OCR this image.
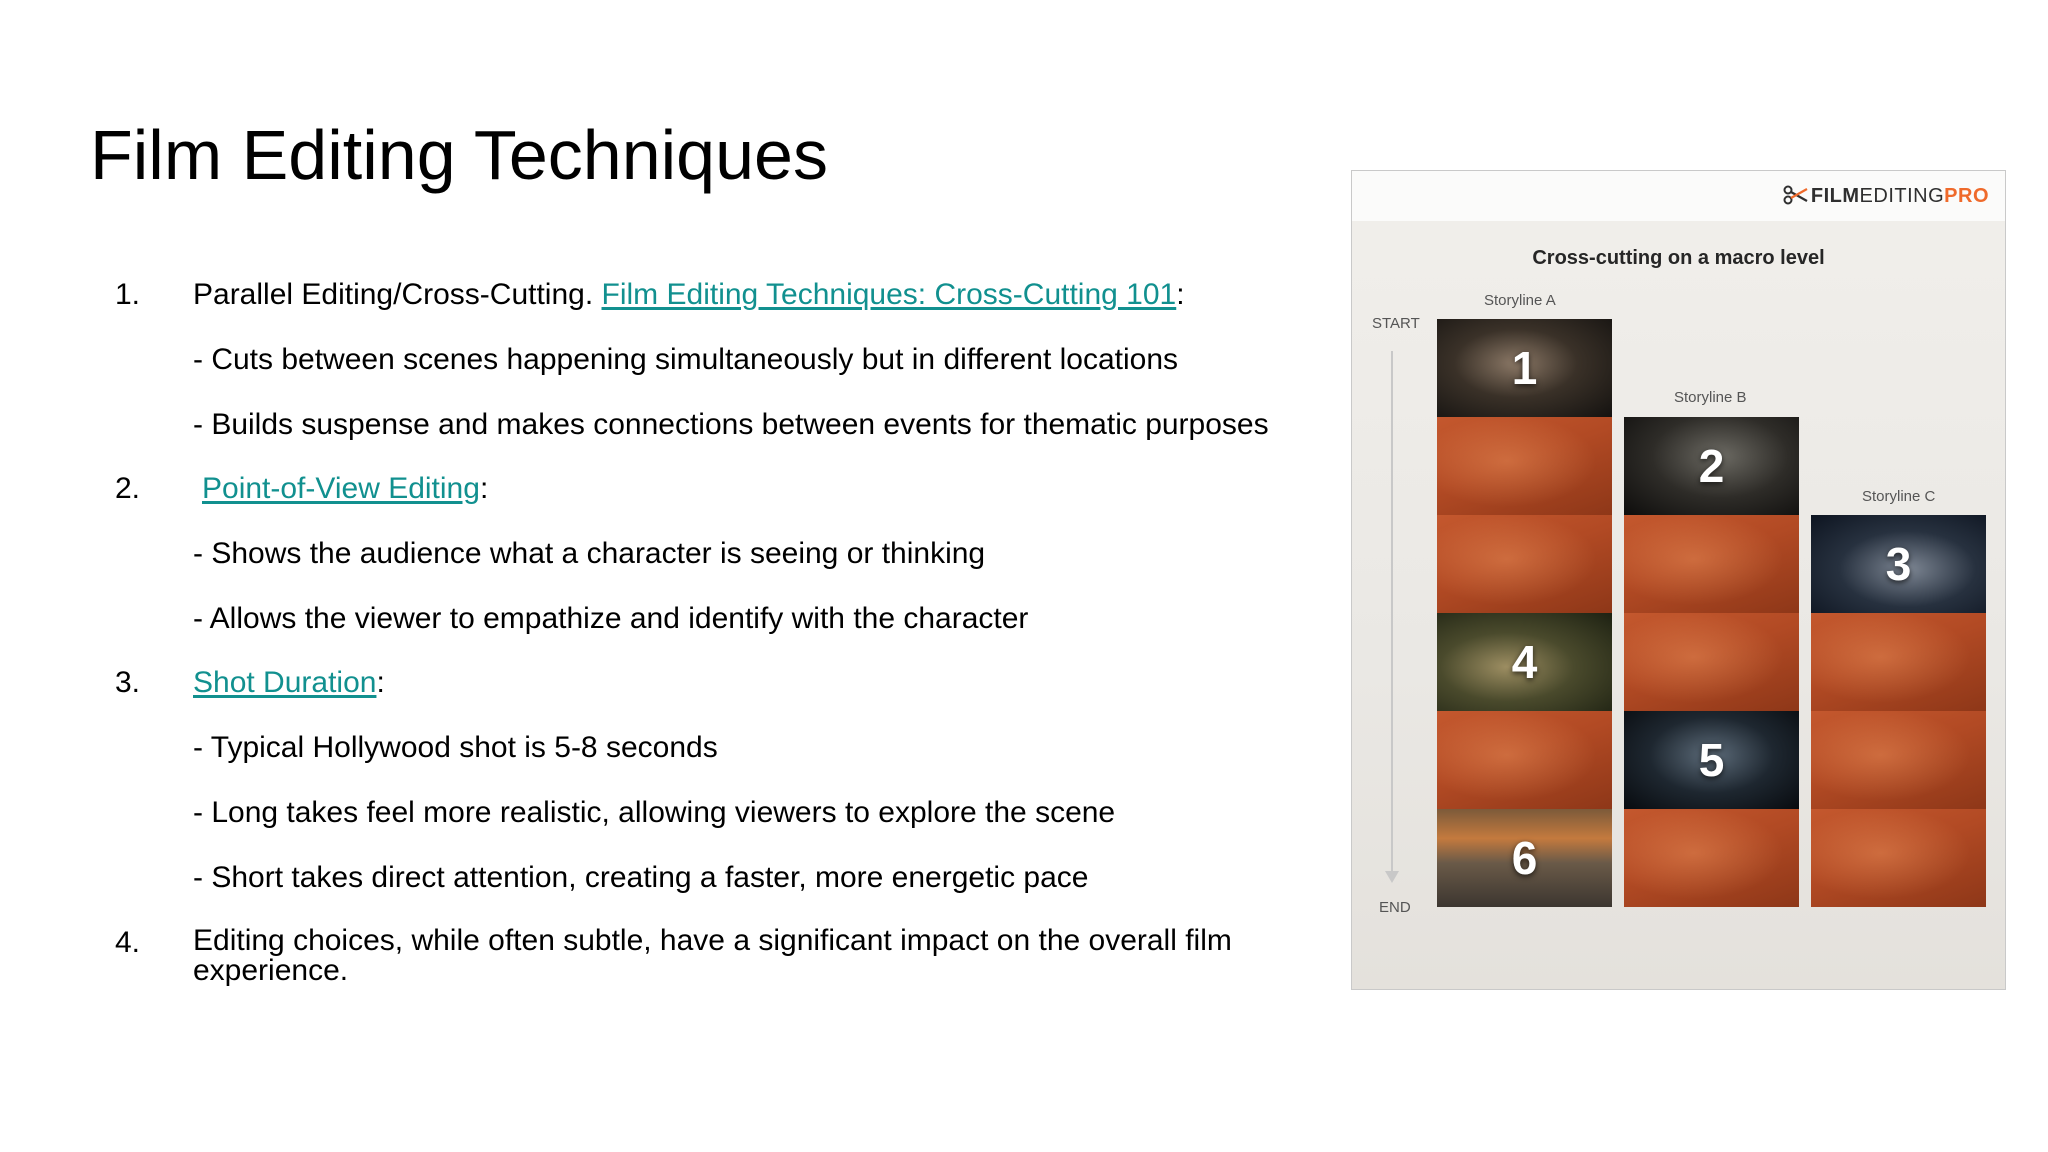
Film Editing Techniques
1. Parallel Editing/Cross-Cutting. Film Editing Techniques: Cross-Cutting 101:
- Cuts between scenes happening simultaneously but in different locations
- Builds suspense and makes connections between events for thematic purposes
2. Point-of-View Editing:
- Shows the audience what a character is seeing or thinking
- Allows the viewer to empathize and identify with the character
3. Shot Duration:
- Typical Hollywood shot is 5-8 seconds
- Long takes feel more realistic, allowing viewers to explore the scene
- Short takes direct attention, creating a faster, more energetic pace
4. Editing choices, while often subtle, have a significant impact on the overall film experience.
FILMEDITINGPRO
Cross-cutting on a macro level
START
END
Storyline A
Storyline B
Storyline C
1
4
6
2
5
3
